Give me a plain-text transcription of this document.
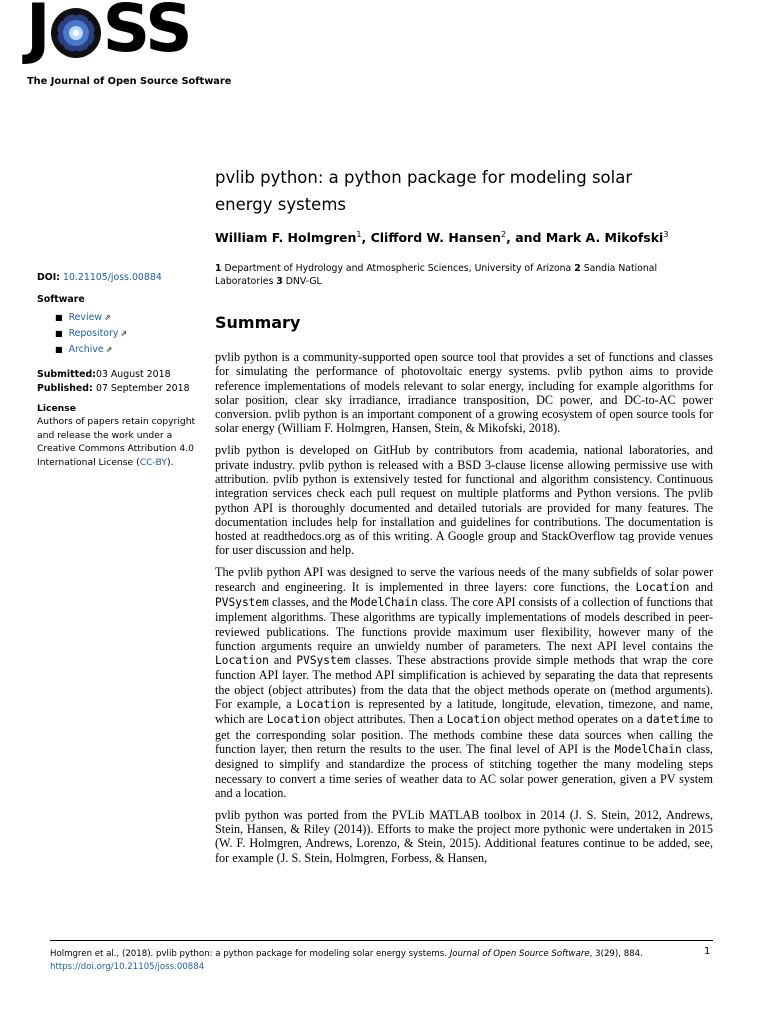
J SS
The Journal of Open Source Software
pvlib python: a python package for modeling solar energy systems
William F. Holmgren$^1$, Clifford W. Hansen$^2$, and Mark A. Mikofski$^3$
1 Department of Hydrology and Atmospheric Sciences, University of Arizona 2 Sandia National Laboratories 3 DNV-GL
DOI: 10.21105/joss.00884
Software
■ Review ⇗
■ Repository ⇗
■ Archive ⇗
Submitted: 03 August 2018
Published: 07 September 2018
License
Authors of papers retain copyright and release the work under a Creative Commons Attribution 4.0 International License (CC-BY).
Summary

pvlib python is a community-supported open source tool that provides a set of functions and classes for simulating the performance of photovoltaic energy systems. pvlib python aims to provide reference implementations of models relevant to solar energy, including for example algorithms for solar position, clear sky irradiance, irradiance transposition, DC power, and DC-to-AC power conversion. pvlib python is an important component of a growing ecosystem of open source tools for solar energy (William F. Holmgren, Hansen, Stein, & Mikofski, 2018).

pvlib python is developed on GitHub by contributors from academia, national laboratories, and private industry. pvlib python is released with a BSD 3-clause license allowing permissive use with attribution. pvlib python is extensively tested for functional and algorithm consistency. Continuous integration services check each pull request on multiple platforms and Python versions. The pvlib python API is thoroughly documented and detailed tutorials are provided for many features. The documentation includes help for installation and guidelines for contributions. The documentation is hosted at readthedocs.org as of this writing. A Google group and StackOverflow tag provide venues for user discussion and help.

The pvlib python API was designed to serve the various needs of the many subfields of solar power research and engineering. It is implemented in three layers: core functions, the Location and PVSystem classes, and the ModelChain class. The core API consists of a collection of functions that implement algorithms. These algorithms are typically implementations of models described in peer-reviewed publications. The functions provide maximum user flexibility, however many of the function arguments require an unwieldy number of parameters. The next API level contains the Location and PVSystem classes. These abstractions provide simple methods that wrap the core function API layer. The method API simplification is achieved by separating the data that represents the object (object attributes) from the data that the object methods operate on (method arguments). For example, a Location is represented by a latitude, longitude, elevation, timezone, and name, which are Location object attributes. Then a Location object method operates on a datetime to get the corresponding solar position. The methods combine these data sources when calling the function layer, then return the results to the user. The final level of API is the ModelChain class, designed to simplify and standardize the process of stitching together the many modeling steps necessary to convert a time series of weather data to AC solar power generation, given a PV system and a location.

pvlib python was ported from the PVLib MATLAB toolbox in 2014 (J. S. Stein, 2012, Andrews, Stein, Hansen, & Riley (2014)). Efforts to make the project more pythonic were undertaken in 2015 (W. F. Holmgren, Andrews, Lorenzo, & Stein, 2015). Additional features continue to be added, see, for example (J. S. Stein, Holmgren, Forbess, & Hansen,

Holmgren et al., (2018). pvlib python: a python package for modeling solar energy systems. Journal of Open Source Software, 3(29), 884.
https://doi.org/10.21105/joss.00884
1
